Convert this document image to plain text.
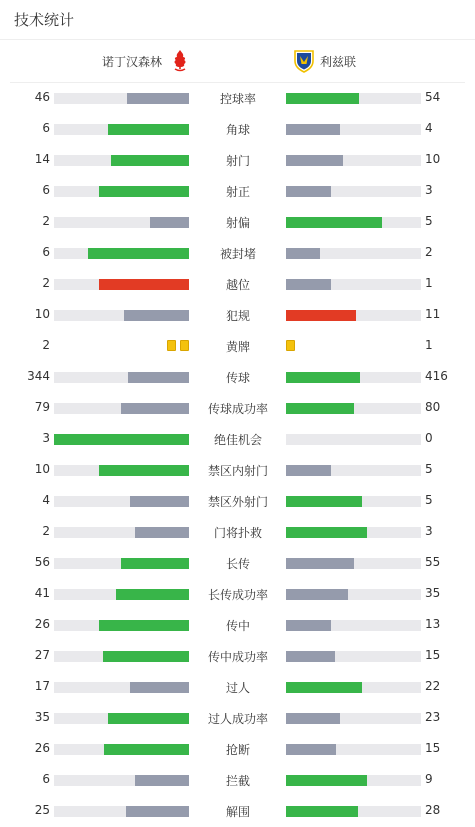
技术统计
诺丁汉森林	利兹联
46	控球率	54
6	角球	4
14	射门	10
6	射正	3
2	射偏	5
6	被封堵	2
2	越位	1
10	犯规	11
2	黄牌	1
344	传球	416
79	传球成功率	80
3	绝佳机会	0
10	禁区内射门	5
4	禁区外射门	5
2	门将扑救	3
56	长传	55
41	长传成功率	35
26	传中	13
27	传中成功率	15
17	过人	22
35	过人成功率	23
26	抢断	15
6	拦截	9
25	解围	28
